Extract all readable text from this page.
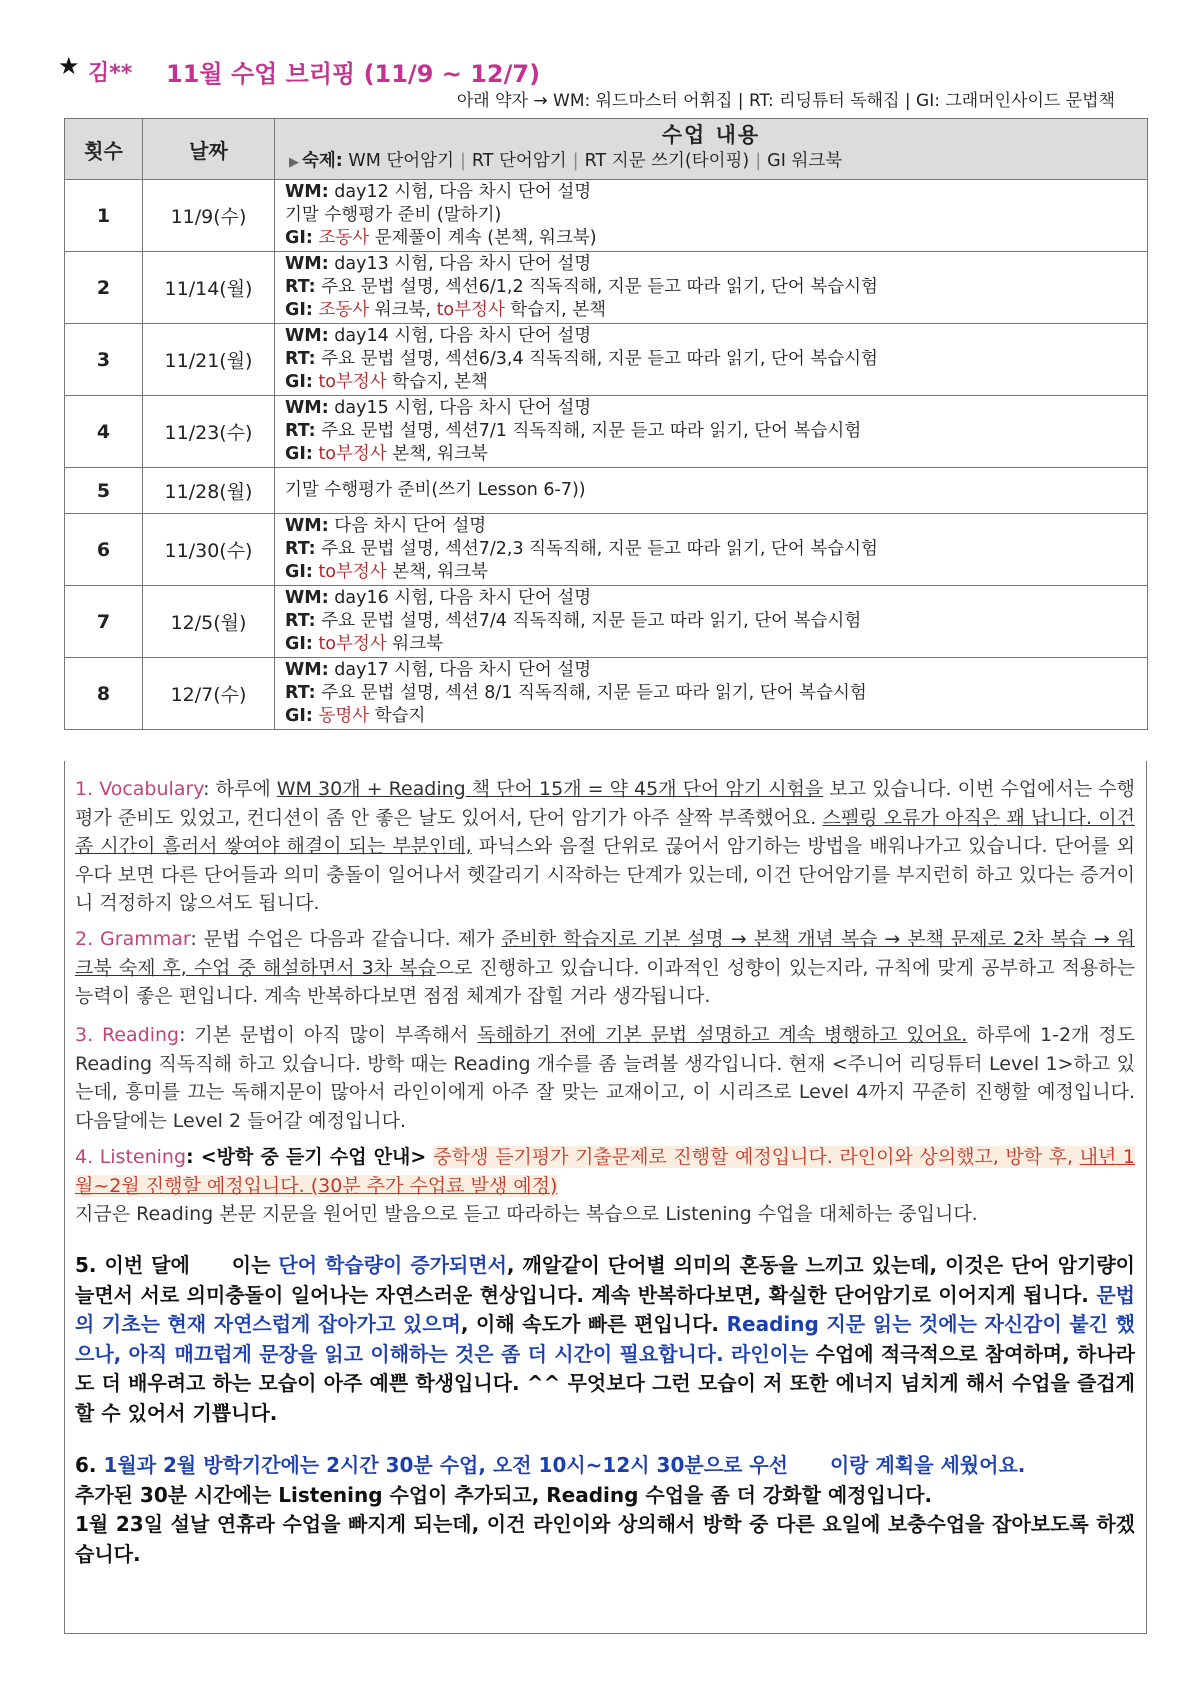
★ 김** 11월 수업 브리핑 (11/9 ~ 12/7)
아래 약자 → WM: 워드마스터 어휘집 | RT: 리딩튜터 독해집 | GI: 그래머인사이드 문법책
횟수	날짜	수업 내용
▶ 숙제: WM 단어암기 | RT 단어암기 | RT 지문 쓰기(타이핑) | GI 워크북

1	11/9(수)	WM: day12 시험, 다음 차시 단어 설명
기말 수행평가 준비 (말하기)
GI: 조동사 문제풀이 계속 (본책, 워크북)

2	11/14(월)	WM: day13 시험, 다음 차시 단어 설명
RT: 주요 문법 설명, 섹션6/1,2 직독직해, 지문 듣고 따라 읽기, 단어 복습시험
GI: 조동사 워크북, to부정사 학습지, 본책

3	11/21(월)	WM: day14 시험, 다음 차시 단어 설명
RT: 주요 문법 설명, 섹션6/3,4 직독직해, 지문 듣고 따라 읽기, 단어 복습시험
GI: to부정사 학습지, 본책

4	11/23(수)	WM: day15 시험, 다음 차시 단어 설명
RT: 주요 문법 설명, 섹션7/1 직독직해, 지문 듣고 따라 읽기, 단어 복습시험
GI: to부정사 본책, 워크북

5	11/28(월)	기말 수행평가 준비(쓰기 Lesson 6-7))

6	11/30(수)	WM: 다음 차시 단어 설명
RT: 주요 문법 설명, 섹션7/2,3 직독직해, 지문 듣고 따라 읽기, 단어 복습시험
GI: to부정사 본책, 워크북

7	12/5(월)	WM: day16 시험, 다음 차시 단어 설명
RT: 주요 문법 설명, 섹션7/4 직독직해, 지문 듣고 따라 읽기, 단어 복습시험
GI: to부정사 워크북

8	12/7(수)	WM: day17 시험, 다음 차시 단어 설명
RT: 주요 문법 설명, 섹션 8/1 직독직해, 지문 듣고 따라 읽기, 단어 복습시험
GI: 동명사 학습지
1. Vocabulary: 하루에 WM 30개 + Reading 책 단어 15개 = 약 45개 단어 암기 시험을 보고 있습니다. 이번 수업에서는 수행평가 준비도 있었고, 컨디션이 좀 안 좋은 날도 있어서, 단어 암기가 아주 살짝 부족했어요. 스펠링 오류가 아직은 꽤 납니다. 이건 좀 시간이 흘러서 쌓여야 해결이 되는 부분인데, 파닉스와 음절 단위로 끊어서 암기하는 방법을 배워나가고 있습니다. 단어를 외우다 보면 다른 단어들과 의미 충돌이 일어나서 헷갈리기 시작하는 단계가 있는데, 이건 단어암기를 부지런히 하고 있다는 증거이니 걱정하지 않으셔도 됩니다.
2. Grammar: 문법 수업은 다음과 같습니다. 제가 준비한 학습지로 기본 설명 → 본책 개념 복습 → 본책 문제로 2차 복습 → 워크북 숙제 후, 수업 중 해설하면서 3차 복습으로 진행하고 있습니다. 이과적인 성향이 있는지라, 규칙에 맞게 공부하고 적용하는 능력이 좋은 편입니다. 계속 반복하다보면 점점 체계가 잡힐 거라 생각됩니다.
3. Reading: 기본 문법이 아직 많이 부족해서 독해하기 전에 기본 문법 설명하고 계속 병행하고 있어요. 하루에 1-2개 정도 Reading 직독직해 하고 있습니다. 방학 때는 Reading 개수를 좀 늘려볼 생각입니다. 현재 <주니어 리딩튜터 Level 1>하고 있는데, 흥미를 끄는 독해지문이 많아서 라인이에게 아주 잘 맞는 교재이고, 이 시리즈로 Level 4까지 꾸준히 진행할 예정입니다. 다음달에는 Level 2 들어갈 예정입니다.
4. Listening: <방학 중 듣기 수업 안내> 중학생 듣기평가 기출문제로 진행할 예정입니다. 라인이와 상의했고, 방학 후, 내년 1월~2월 진행할 예정입니다. (30분 추가 수업료 발생 예정)
지금은 Reading 본문 지문을 원어민 발음으로 듣고 따라하는 복습으로 Listening 수업을 대체하는 중입니다.
5. 이번 달에 이는 단어 학습량이 증가되면서, 깨알같이 단어별 의미의 혼동을 느끼고 있는데, 이것은 단어 암기량이 늘면서 서로 의미충돌이 일어나는 자연스러운 현상입니다. 계속 반복하다보면, 확실한 단어암기로 이어지게 됩니다. 문법의 기초는 현재 자연스럽게 잡아가고 있으며, 이해 속도가 빠른 편입니다. Reading 지문 읽는 것에는 자신감이 붙긴 했으나, 아직 매끄럽게 문장을 읽고 이해하는 것은 좀 더 시간이 필요합니다. 라인이는 수업에 적극적으로 참여하며, 하나라도 더 배우려고 하는 모습이 아주 예쁜 학생입니다. ^^ 무엇보다 그런 모습이 저 또한 에너지 넘치게 해서 수업을 즐겁게 할 수 있어서 기쁩니다.
6. 1월과 2월 방학기간에는 2시간 30분 수업, 오전 10시~12시 30분으로 우선 이랑 계획을 세웠어요.
추가된 30분 시간에는 Listening 수업이 추가되고, Reading 수업을 좀 더 강화할 예정입니다.
1월 23일 설날 연휴라 수업을 빠지게 되는데, 이건 라인이와 상의해서 방학 중 다른 요일에 보충수업을 잡아보도록 하겠습니다.
